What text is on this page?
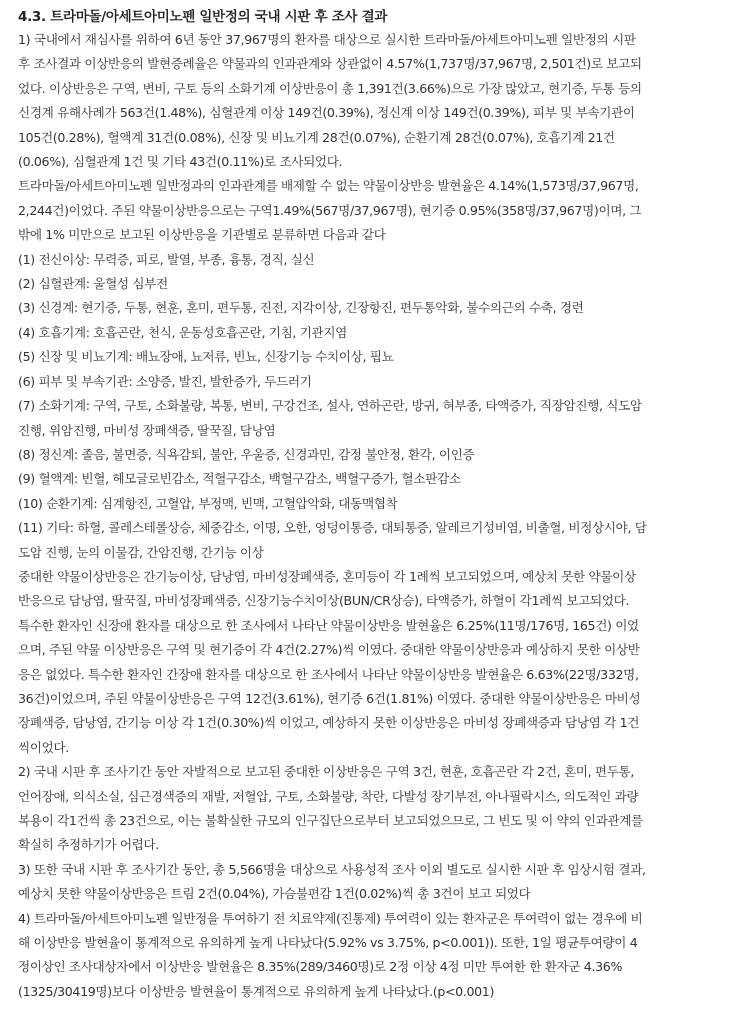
4.3. 트라마돌/아세트아미노펜 일반정의 국내 시판 후 조사 결과

1) 국내에서 재심사를 위하여 6년 동안 37,967명의 환자를 대상으로 실시한 트라마돌/아세트아미노펜 일반정의 시판
후 조사결과 이상반응의 발현증례율은 약물과의 인과관계와 상관없이 4.57%(1,737명/37,967명, 2,501건)로 보고되
었다. 이상반응은 구역, 변비, 구토 등의 소화기계 이상반응이 총 1,391건(3.66%)으로 가장 많았고, 현기증, 두통 등의
신경계 유해사례가 563건(1.48%), 심혈관계 이상 149건(0.39%), 정신계 이상 149건(0.39%), 피부 및 부속기관이
105건(0.28%), 혈액계 31건(0.08%), 신장 및 비뇨기계 28건(0.07%), 순환기계 28건(0.07%), 호흡기계 21건
(0.06%), 심혈관계 1건 및 기타 43건(0.11%)로 조사되었다.

트라마돌/아세트아미노펜 일반정과의 인과관계를 배제할 수 없는 약물이상반응 발현율은 4.14%(1,573명/37,967명,
2,244건)이었다. 주된 약물이상반응으로는 구역1.49%(567명/37,967명), 현기증 0.95%(358명/37,967명)이며, 그
밖에 1% 미만으로 보고된 이상반응을 기관별로 분류하면 다음과 같다

(1) 전신이상: 무력증, 피로, 발열, 부종, 흉통, 경직, 실신

(2) 심혈관계: 울혈성 심부전

(3) 신경계: 현기증, 두통, 현훈, 혼미, 편두통, 진전, 지각이상, 긴장항진, 편두통악화, 불수의근의 수축, 경련

(4) 호흡기계: 호흡곤란, 천식, 운동성호흡곤란, 기침, 기관지염

(5) 신장 및 비뇨기계: 배뇨장애, 뇨저류, 빈뇨, 신장기능 수치이상, 핍뇨

(6) 피부 및 부속기관: 소양증, 발진, 발한증가, 두드러기

(7) 소화기계: 구역, 구토, 소화불량, 복통, 변비, 구강건조, 설사, 연하곤란, 방귀, 혀부종, 타액증가, 직장암진행, 식도암
진행, 위암진행, 마비성 장폐색증, 딸꾹질, 담낭염

(8) 정신계: 졸음, 불면증, 식욕감퇴, 불안, 우울증, 신경과민, 감정 불안정, 환각, 이인증

(9) 혈액계: 빈혈, 헤모글로빈감소, 적혈구감소, 백혈구감소, 백혈구증가, 혈소판감소

(10) 순환기계: 심계항진, 고혈압, 부정맥, 빈맥, 고혈압악화, 대동맥협착

(11) 기타: 하혈, 콜레스테롤상승, 체중감소, 이명, 오한, 엉덩이통증, 대퇴통증, 알레르기성비염, 비출혈, 비정상시야, 담
도암 진행, 눈의 이물감, 간암진행, 간기능 이상

중대한 약물이상반응은 간기능이상, 담낭염, 마비성장폐색증, 혼미등이 각 1례씩 보고되었으며, 예상치 못한 약물이상
반응으로 담낭염, 딸꾹질, 마비성장폐색증, 신장기능수치이상(BUN/CR상승), 타액증가, 하혈이 각1례씩 보고되었다.

특수한 환자인 신장애 환자를 대상으로 한 조사에서 나타난 약물이상반응 발현율은 6.25%(11명/176명, 165건) 이었
으며, 주된 약물 이상반응은 구역 및 현기증이 각 4건(2.27%)씩 이였다. 중대한 약물이상반응과 예상하지 못한 이상반
응은 없었다. 특수한 환자인 간장애 환자를 대상으로 한 조사에서 나타난 약물이상반응 발현율은 6.63%(22명/332명,
36건)이었으며, 주된 약물이상반응은 구역 12건(3.61%), 현기증 6건(1.81%) 이였다. 중대한 약물이상반응은 마비성
장폐색증, 담낭염, 간기능 이상 각 1건(0.30%)씩 이었고, 예상하지 못한 이상반응은 마비성 장폐색증과 담낭염 각 1건
씩이었다.

2) 국내 시판 후 조사기간 동안 자발적으로 보고된 중대한 이상반응은 구역 3건, 현훈, 호흡곤란 각 2건, 혼미, 편두통,
언어장애, 의식소실, 심근경색증의 재발, 저혈압, 구토, 소화불량, 착란, 다발성 장기부전, 아나필락시스, 의도적인 과량
복용이 각1건씩 총 23건으로, 이는 불확실한 규모의 인구집단으로부터 보고되었으므로, 그 빈도 및 이 약의 인과관계를
확실히 추정하기가 어렵다.

3) 또한 국내 시판 후 조사기간 동안, 총 5,566명을 대상으로 사용성적 조사 이외 별도로 실시한 시판 후 임상시험 결과,
예상치 못한 약물이상반응은 트림 2건(0.04%), 가슴불편감 1건(0.02%)씩 총 3건이 보고 되었다

4) 트라마돌/아세트아미노펜 일반정을 투여하기 전 치료약제(진통제) 투여력이 있는 환자군은 투여력이 없는 경우에 비
해 이상반응 발현율이 통계적으로 유의하게 높게 나타났다(5.92% vs 3.75%, p<0.001)). 또한, 1일 평균투여량이 4
정이상인 조사대상자에서 이상반응 발현율은 8.35%(289/3460명)로 2정 이상 4정 미만 투여한 한 환자군 4.36%
(1325/30419명)보다 이상반응 발현율이 통계적으로 유의하게 높게 나타났다.(p<0.001)
